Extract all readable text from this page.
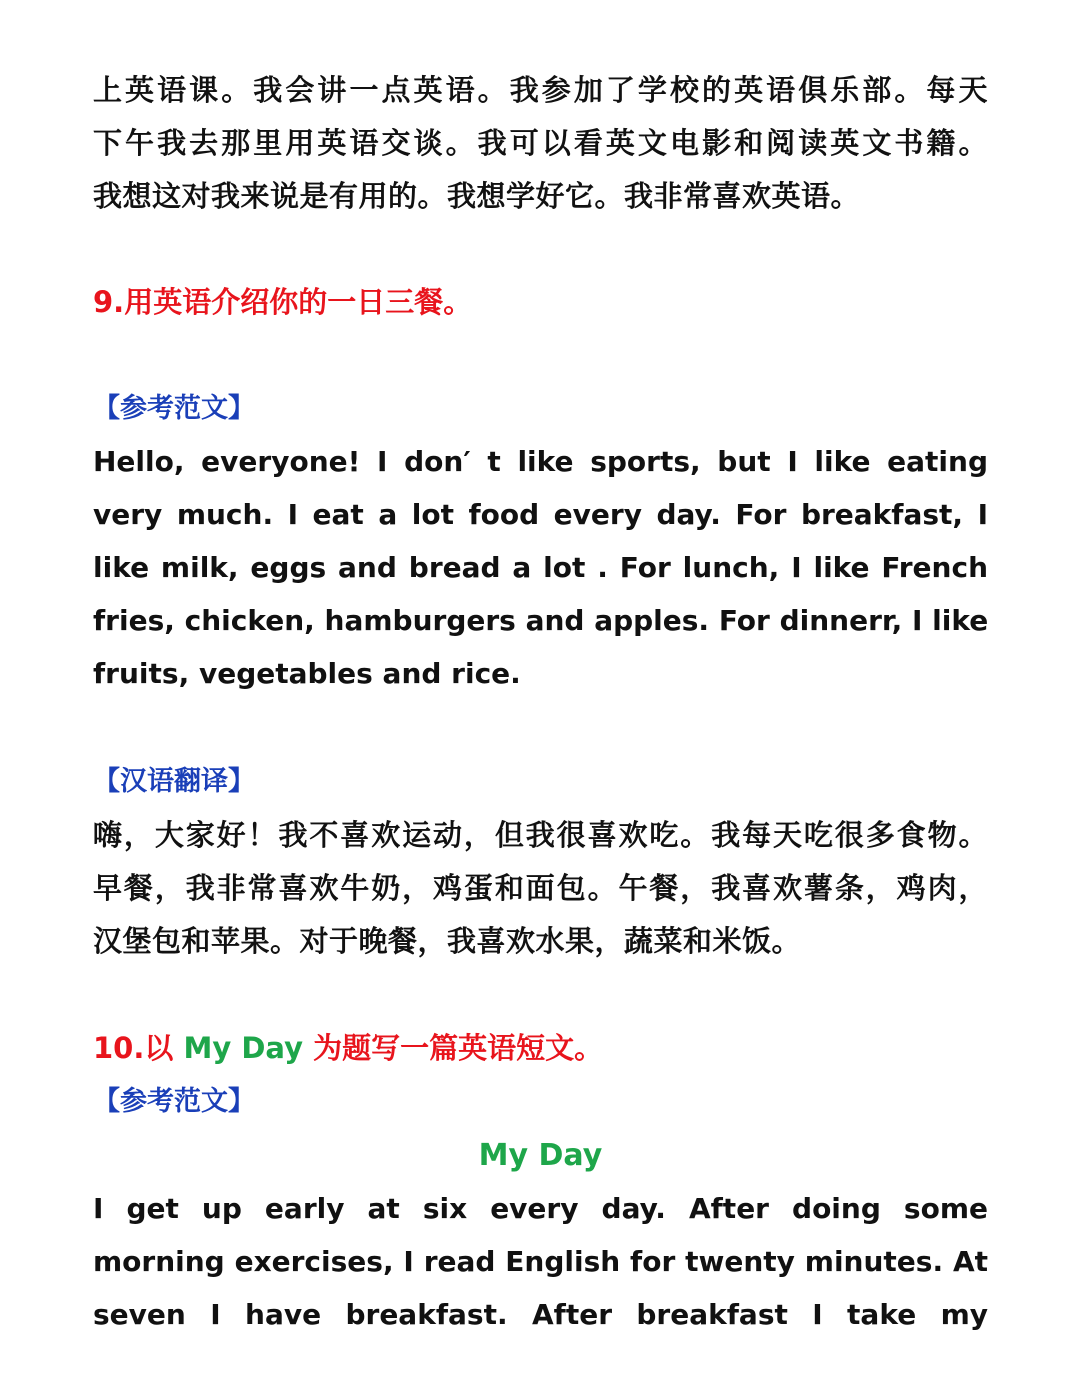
上英语课。我会讲一点英语。我参加了学校的英语俱乐部。每天
下午我去那里用英语交谈。我可以看英文电影和阅读英文书籍。
我想这对我来说是有用的。我想学好它。我非常喜欢英语。
9.用英语介绍你的一日三餐。
【参考范文】
Hello, everyone! I don′ t like sports, but I like eating
very much. I eat a lot food every day. For breakfast, I
like milk, eggs and bread a lot . For lunch, I like French
fries, chicken, hamburgers and apples. For dinnerr, I like
fruits, vegetables and rice.
【汉语翻译】
嗨，大家好！我不喜欢运动，但我很喜欢吃。我每天吃很多食物。
早餐，我非常喜欢牛奶，鸡蛋和面包。午餐，我喜欢薯条，鸡肉，
汉堡包和苹果。对于晚餐，我喜欢水果，蔬菜和米饭。
10.以 My Day 为题写一篇英语短文。
【参考范文】
My Day
I get up early at six every day. After doing some
morning exercises, I read English for twenty minutes. At
seven I have breakfast. After breakfast I take my
